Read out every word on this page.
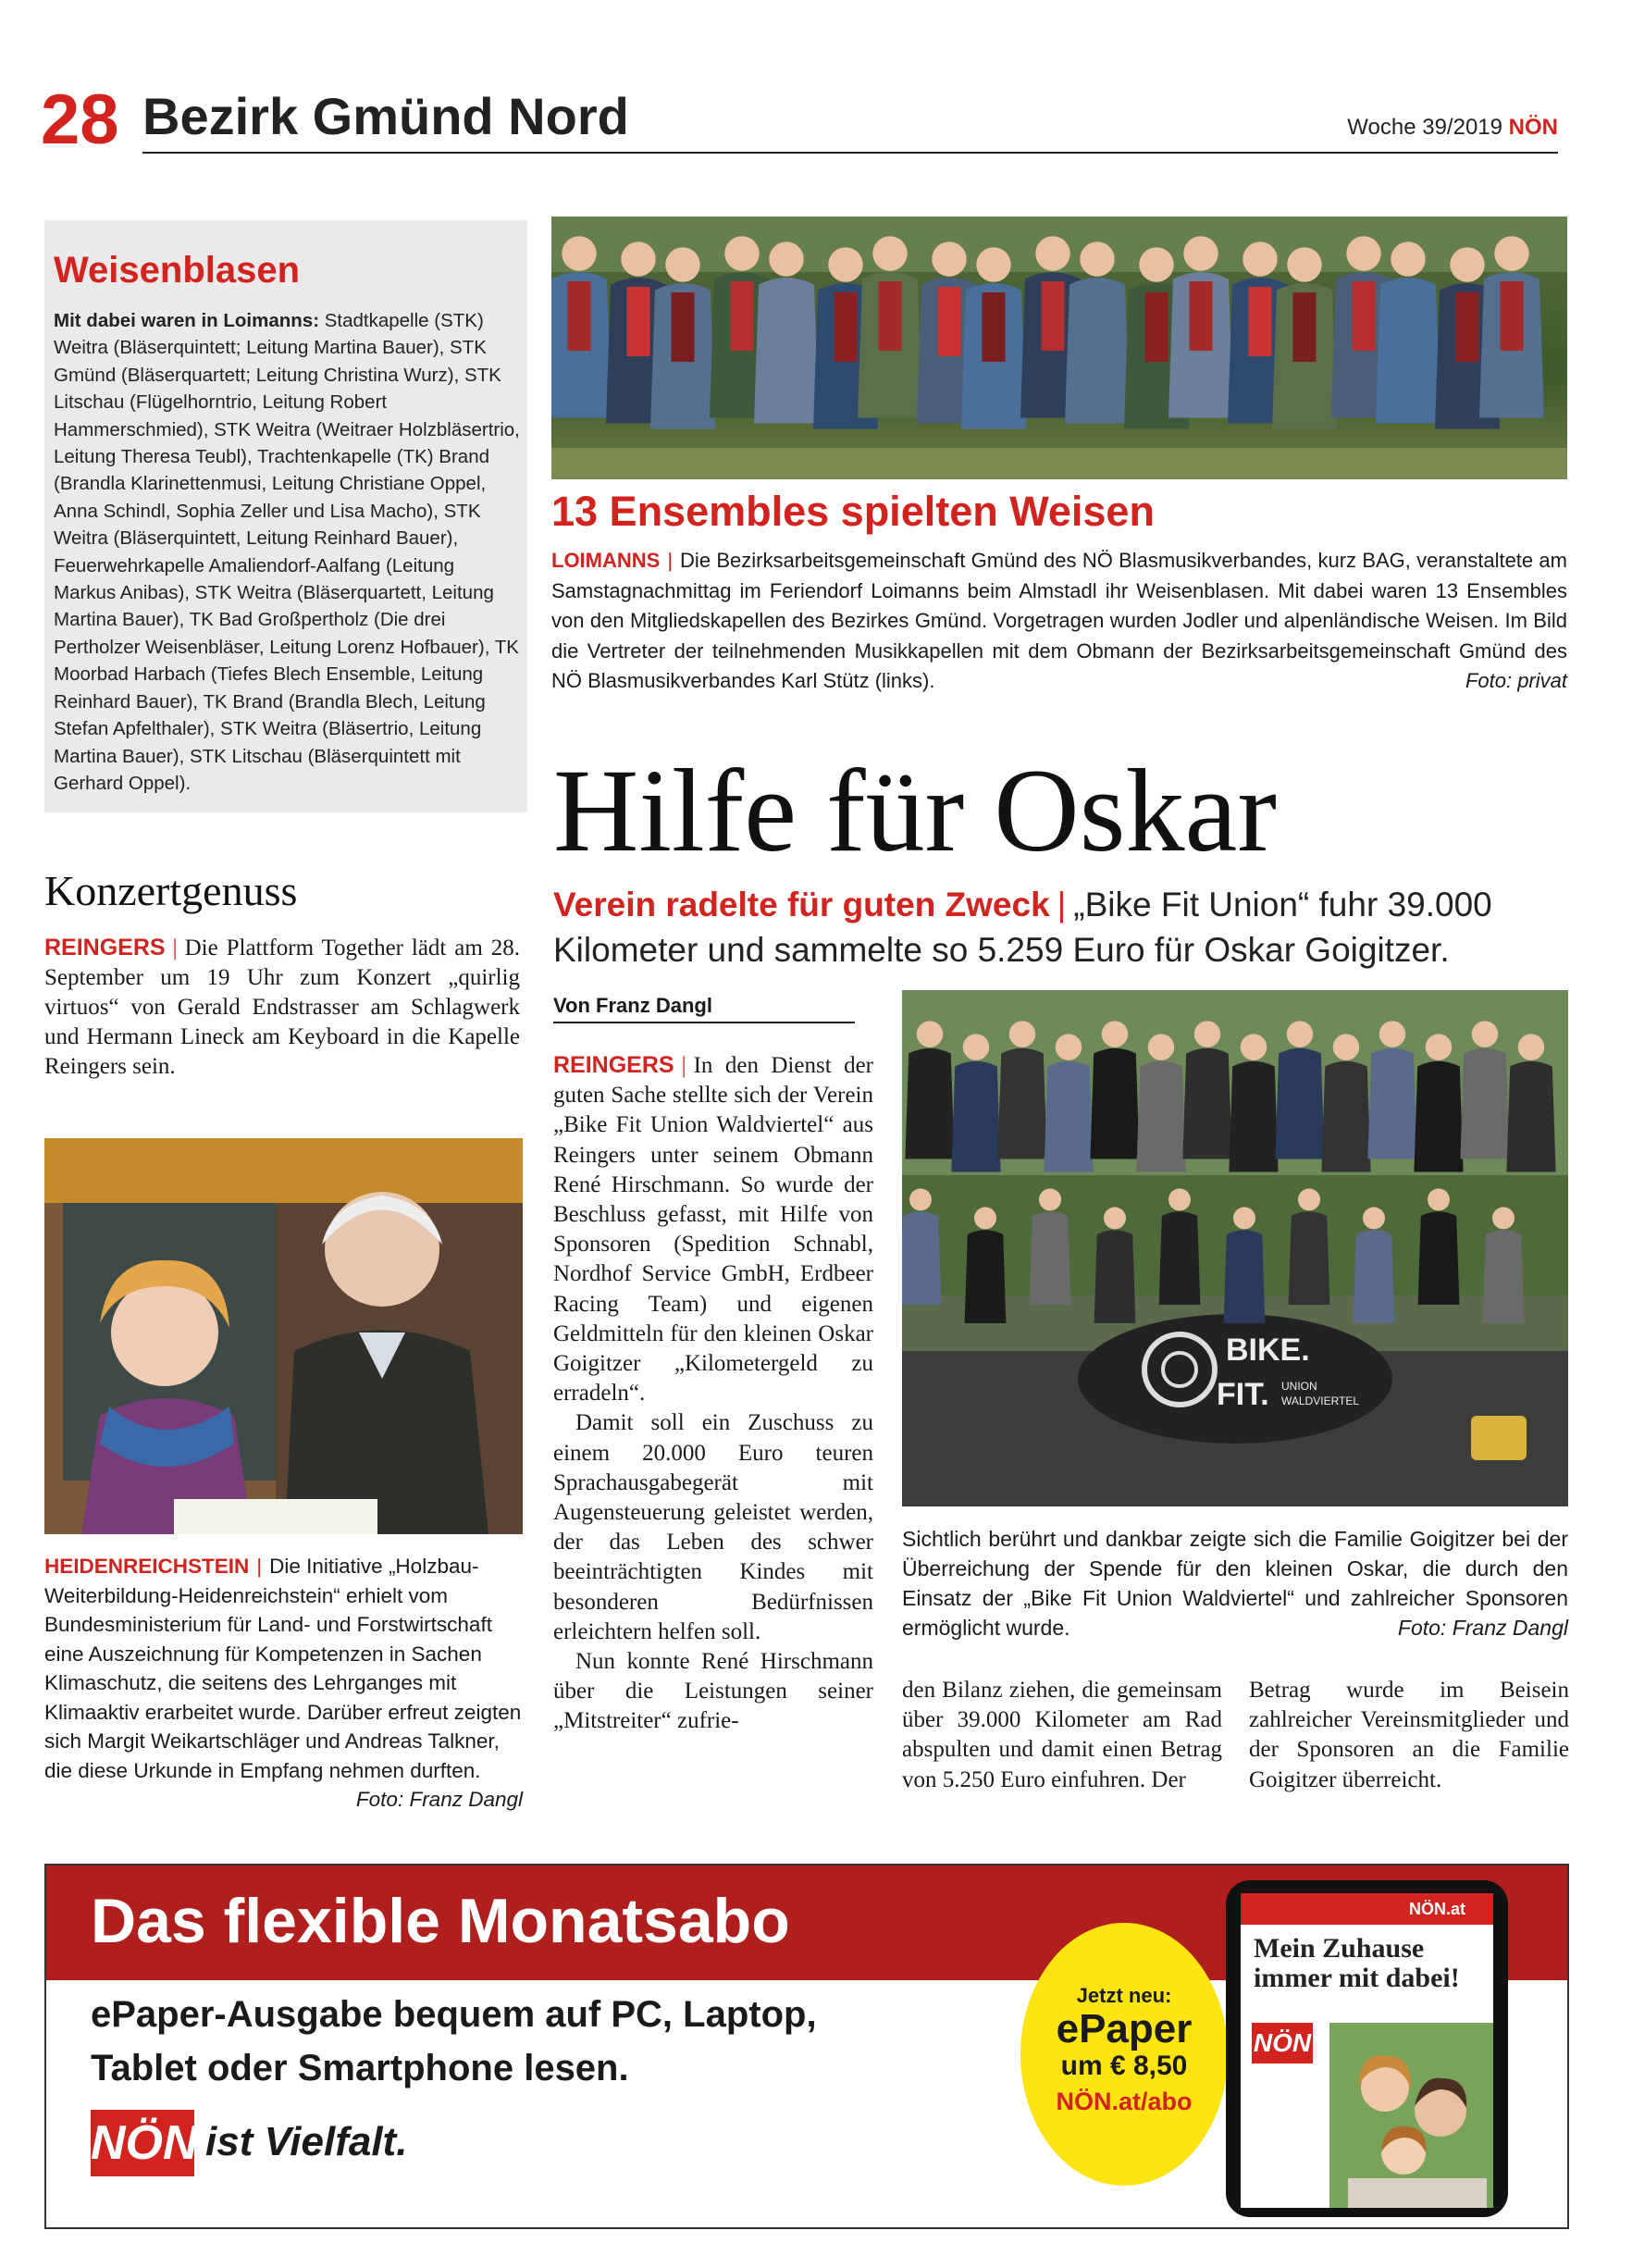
28 Bezirk Gmünd Nord	Woche 39/2019 NÖN
Weisenblasen
Mit dabei waren in Loimanns: Stadtkapelle (STK) Weitra (Bläserquintett; Leitung Martina Bauer), STK Gmünd (Bläserquartett; Leitung Christina Wurz), STK Litschau (Flügelhorntrio, Leitung Robert Hammerschmied), STK Weitra (Weitraer Holzbläsertrio, Leitung Theresa Teubl), Trachtenkapelle (TK) Brand (Brandla Klarinettenmusi, Leitung Christiane Oppel, Anna Schindl, Sophia Zeller und Lisa Macho), STK Weitra (Bläserquintett, Leitung Reinhard Bauer), Feuerwehrkapelle Amaliendorf-Aalfang (Leitung Markus Anibas), STK Weitra (Bläserquartett, Leitung Martina Bauer), TK Bad Großpertholz (Die drei Pertholzer Weisenbläser, Leitung Lorenz Hofbauer), TK Moorbad Harbach (Tiefes Blech Ensemble, Leitung Reinhard Bauer), TK Brand (Brandla Blech, Leitung Stefan Apfelthaler), STK Weitra (Bläsertrio, Leitung Martina Bauer), STK Litschau (Bläserquintett mit Gerhard Oppel).
13 Ensembles spielten Weisen
LOIMANNS | Die Bezirksarbeitsgemeinschaft Gmünd des NÖ Blasmusikverbandes, kurz BAG, veranstaltete am Samstagnachmittag im Feriendorf Loimanns beim Almstadl ihr Weisenblasen. Mit dabei waren 13 Ensembles von den Mitgliedskapellen des Bezirkes Gmünd. Vorgetragen wurden Jodler und alpenländische Weisen. Im Bild die Vertreter der teilnehmenden Musikkapellen mit dem Obmann der Bezirksarbeitsgemeinschaft Gmünd des NÖ Blasmusikverbandes Karl Stütz (links).	Foto: privat
Hilfe für Oskar
Verein radelte für guten Zweck | „Bike Fit Union“ fuhr 39.000 Kilometer und sammelte so 5.259 Euro für Oskar Goigitzer.
Von Franz Dangl

REINGERS | In den Dienst der guten Sache stellte sich der Verein „Bike Fit Union Waldviertel“ aus Reingers unter seinem Obmann René Hirschmann. So wurde der Beschluss gefasst, mit Hilfe von Sponsoren (Spedition Schnabl, Nordhof Service GmbH, Erdbeer Racing Team) und eigenen Geldmitteln für den kleinen Oskar Goigitzer „Kilometergeld zu erradeln“.

Damit soll ein Zuschuss zu einem 20.000 Euro teuren Sprachausgabegerät mit Augensteuerung geleistet werden, der das Leben des schwer beeinträchtigten Kindes mit besonderen Bedürfnissen erleichtern helfen soll.

Nun konnte René Hirschmann über die Leistungen seiner „Mitstreiter“ zufrie-

den Bilanz ziehen, die gemeinsam über 39.000 Kilometer am Rad abspulten und damit einen Betrag von 5.250 Euro einfuhren. Der
Betrag wurde im Beisein zahlreicher Vereinsmitglieder und der Sponsoren an die Familie Goigitzer überreicht.
BIKE.
FIT. UNION
WALDVIERTEL
Sichtlich berührt und dankbar zeigte sich die Familie Goigitzer bei der Überreichung der Spende für den kleinen Oskar, die durch den Einsatz der „Bike Fit Union Waldviertel“ und zahlreicher Sponsoren ermöglicht wurde.	Foto: Franz Dangl
Konzertgenuss
REINGERS | Die Plattform Together lädt am 28. September um 19 Uhr zum Konzert „quirlig virtuos“ von Gerald Endstrasser am Schlagwerk und Hermann Lineck am Keyboard in die Kapelle Reingers sein.
HEIDENREICHSTEIN | Die Initiative „Holzbau-Weiterbildung-Heidenreichstein“ erhielt vom Bundesministerium für Land- und Forstwirtschaft eine Auszeichnung für Kompetenzen in Sachen Klimaschutz, die seitens des Lehrganges mit Klimaaktiv erarbeitet wurde. Darüber erfreut zeigten sich Margit Weikartschläger und Andreas Talkner, die diese Urkunde in Empfang nehmen durften.
Foto: Franz Dangl
Das flexible Monatsabo
ePaper-Ausgabe bequem auf PC, Laptop, Tablet oder Smartphone lesen.
NÖN ist Vielfalt.
Jetzt neu:
ePaper
um € 8,50
NÖN.at/abo
NÖN.at
Mein Zuhause immer mit dabei!
NÖN
